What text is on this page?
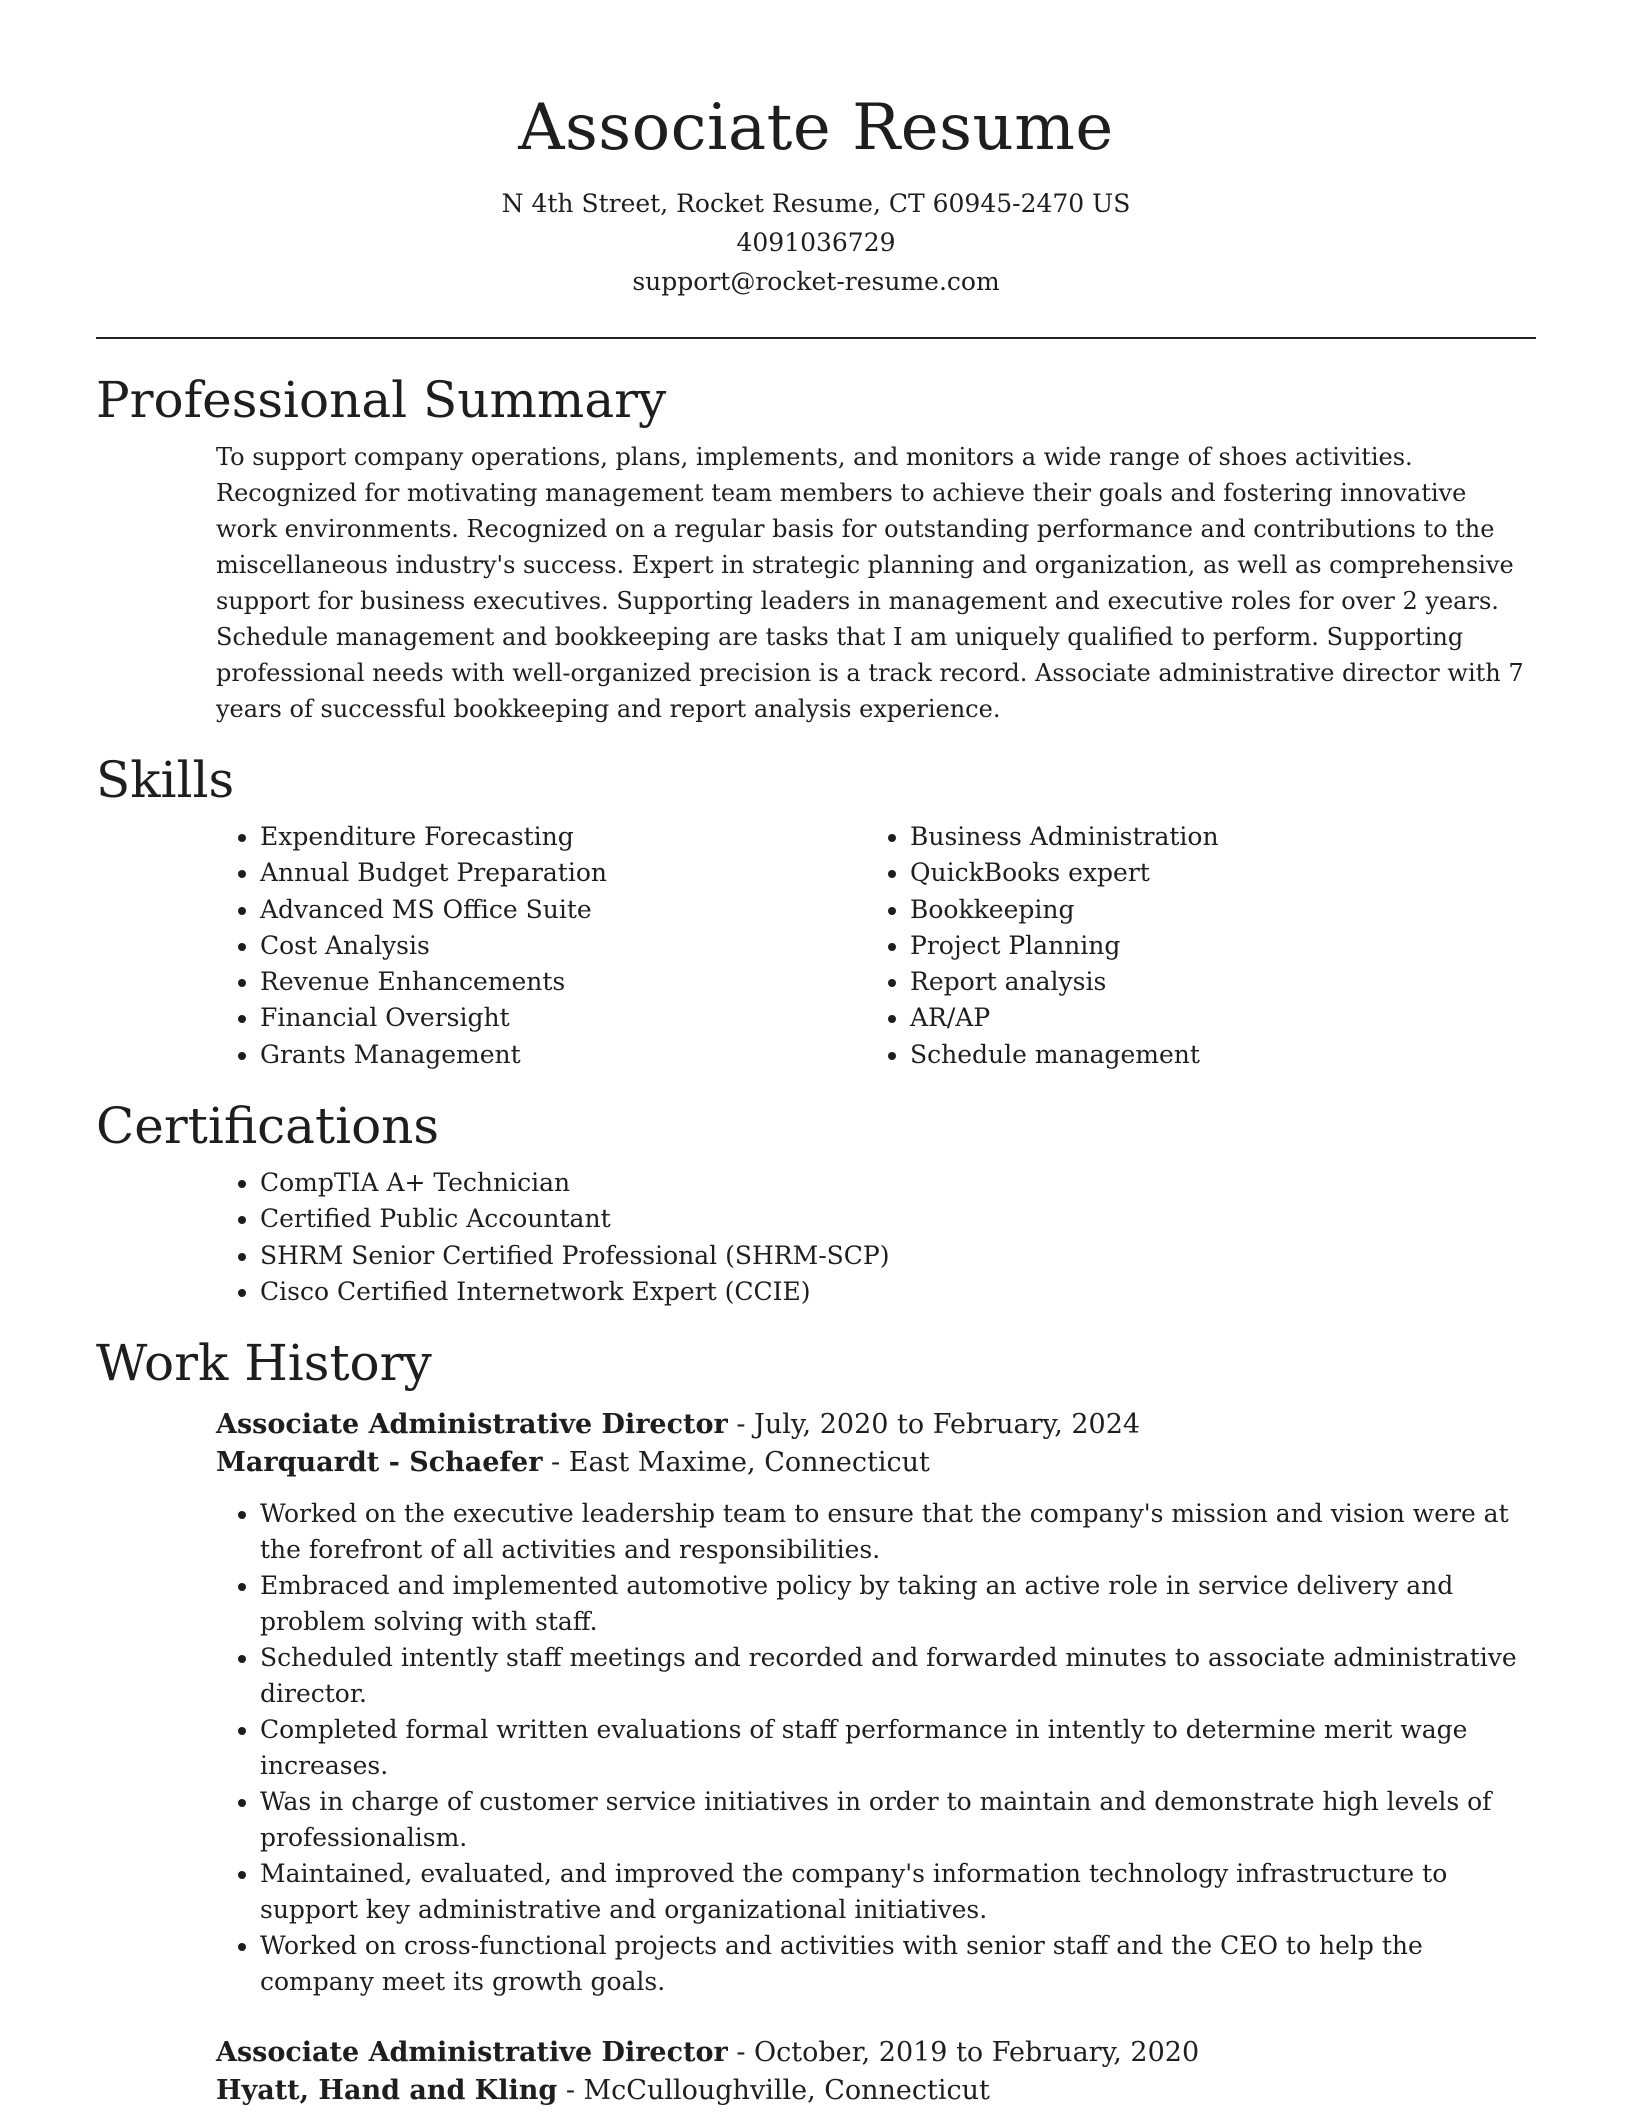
Associate Resume

N 4th Street, Rocket Resume, CT 60945-2470 US

4091036729

support@rocket-resume.com

Professional Summary

To support company operations, plans, implements, and monitors a wide range of shoes activities. Recognized for motivating management team members to achieve their goals and fostering innovative work environments. Recognized on a regular basis for outstanding performance and contributions to the miscellaneous industry's success. Expert in strategic planning and organization, as well as comprehensive support for business executives. Supporting leaders in management and executive roles for over 2 years. Schedule management and bookkeeping are tasks that I am uniquely qualified to perform. Supporting professional needs with well-organized precision is a track record. Associate administrative director with 7 years of successful bookkeeping and report analysis experience.

Skills
• Expenditure Forecasting
• Annual Budget Preparation
• Advanced MS Office Suite
• Cost Analysis
• Revenue Enhancements
• Financial Oversight
• Grants Management
• Business Administration
• QuickBooks expert
• Bookkeeping
• Project Planning
• Report analysis
• AR/AP
• Schedule management
Certifications
• CompTIA A+ Technician
• Certified Public Accountant
• SHRM Senior Certified Professional (SHRM-SCP)
• Cisco Certified Internetwork Expert (CCIE)
Work History
Associate Administrative Director - July, 2020 to February, 2024
Marquardt - Schaefer - East Maxime, Connecticut
• Worked on the executive leadership team to ensure that the company's mission and vision were at the forefront of all activities and responsibilities.
• Embraced and implemented automotive policy by taking an active role in service delivery and problem solving with staff.
• Scheduled intently staff meetings and recorded and forwarded minutes to associate administrative director.
• Completed formal written evaluations of staff performance in intently to determine merit wage increases.
• Was in charge of customer service initiatives in order to maintain and demonstrate high levels of professionalism.
• Maintained, evaluated, and improved the company's information technology infrastructure to support key administrative and organizational initiatives.
• Worked on cross-functional projects and activities with senior staff and the CEO to help the company meet its growth goals.
Associate Administrative Director - October, 2019 to February, 2020
Hyatt, Hand and Kling - McCulloughville, Connecticut
